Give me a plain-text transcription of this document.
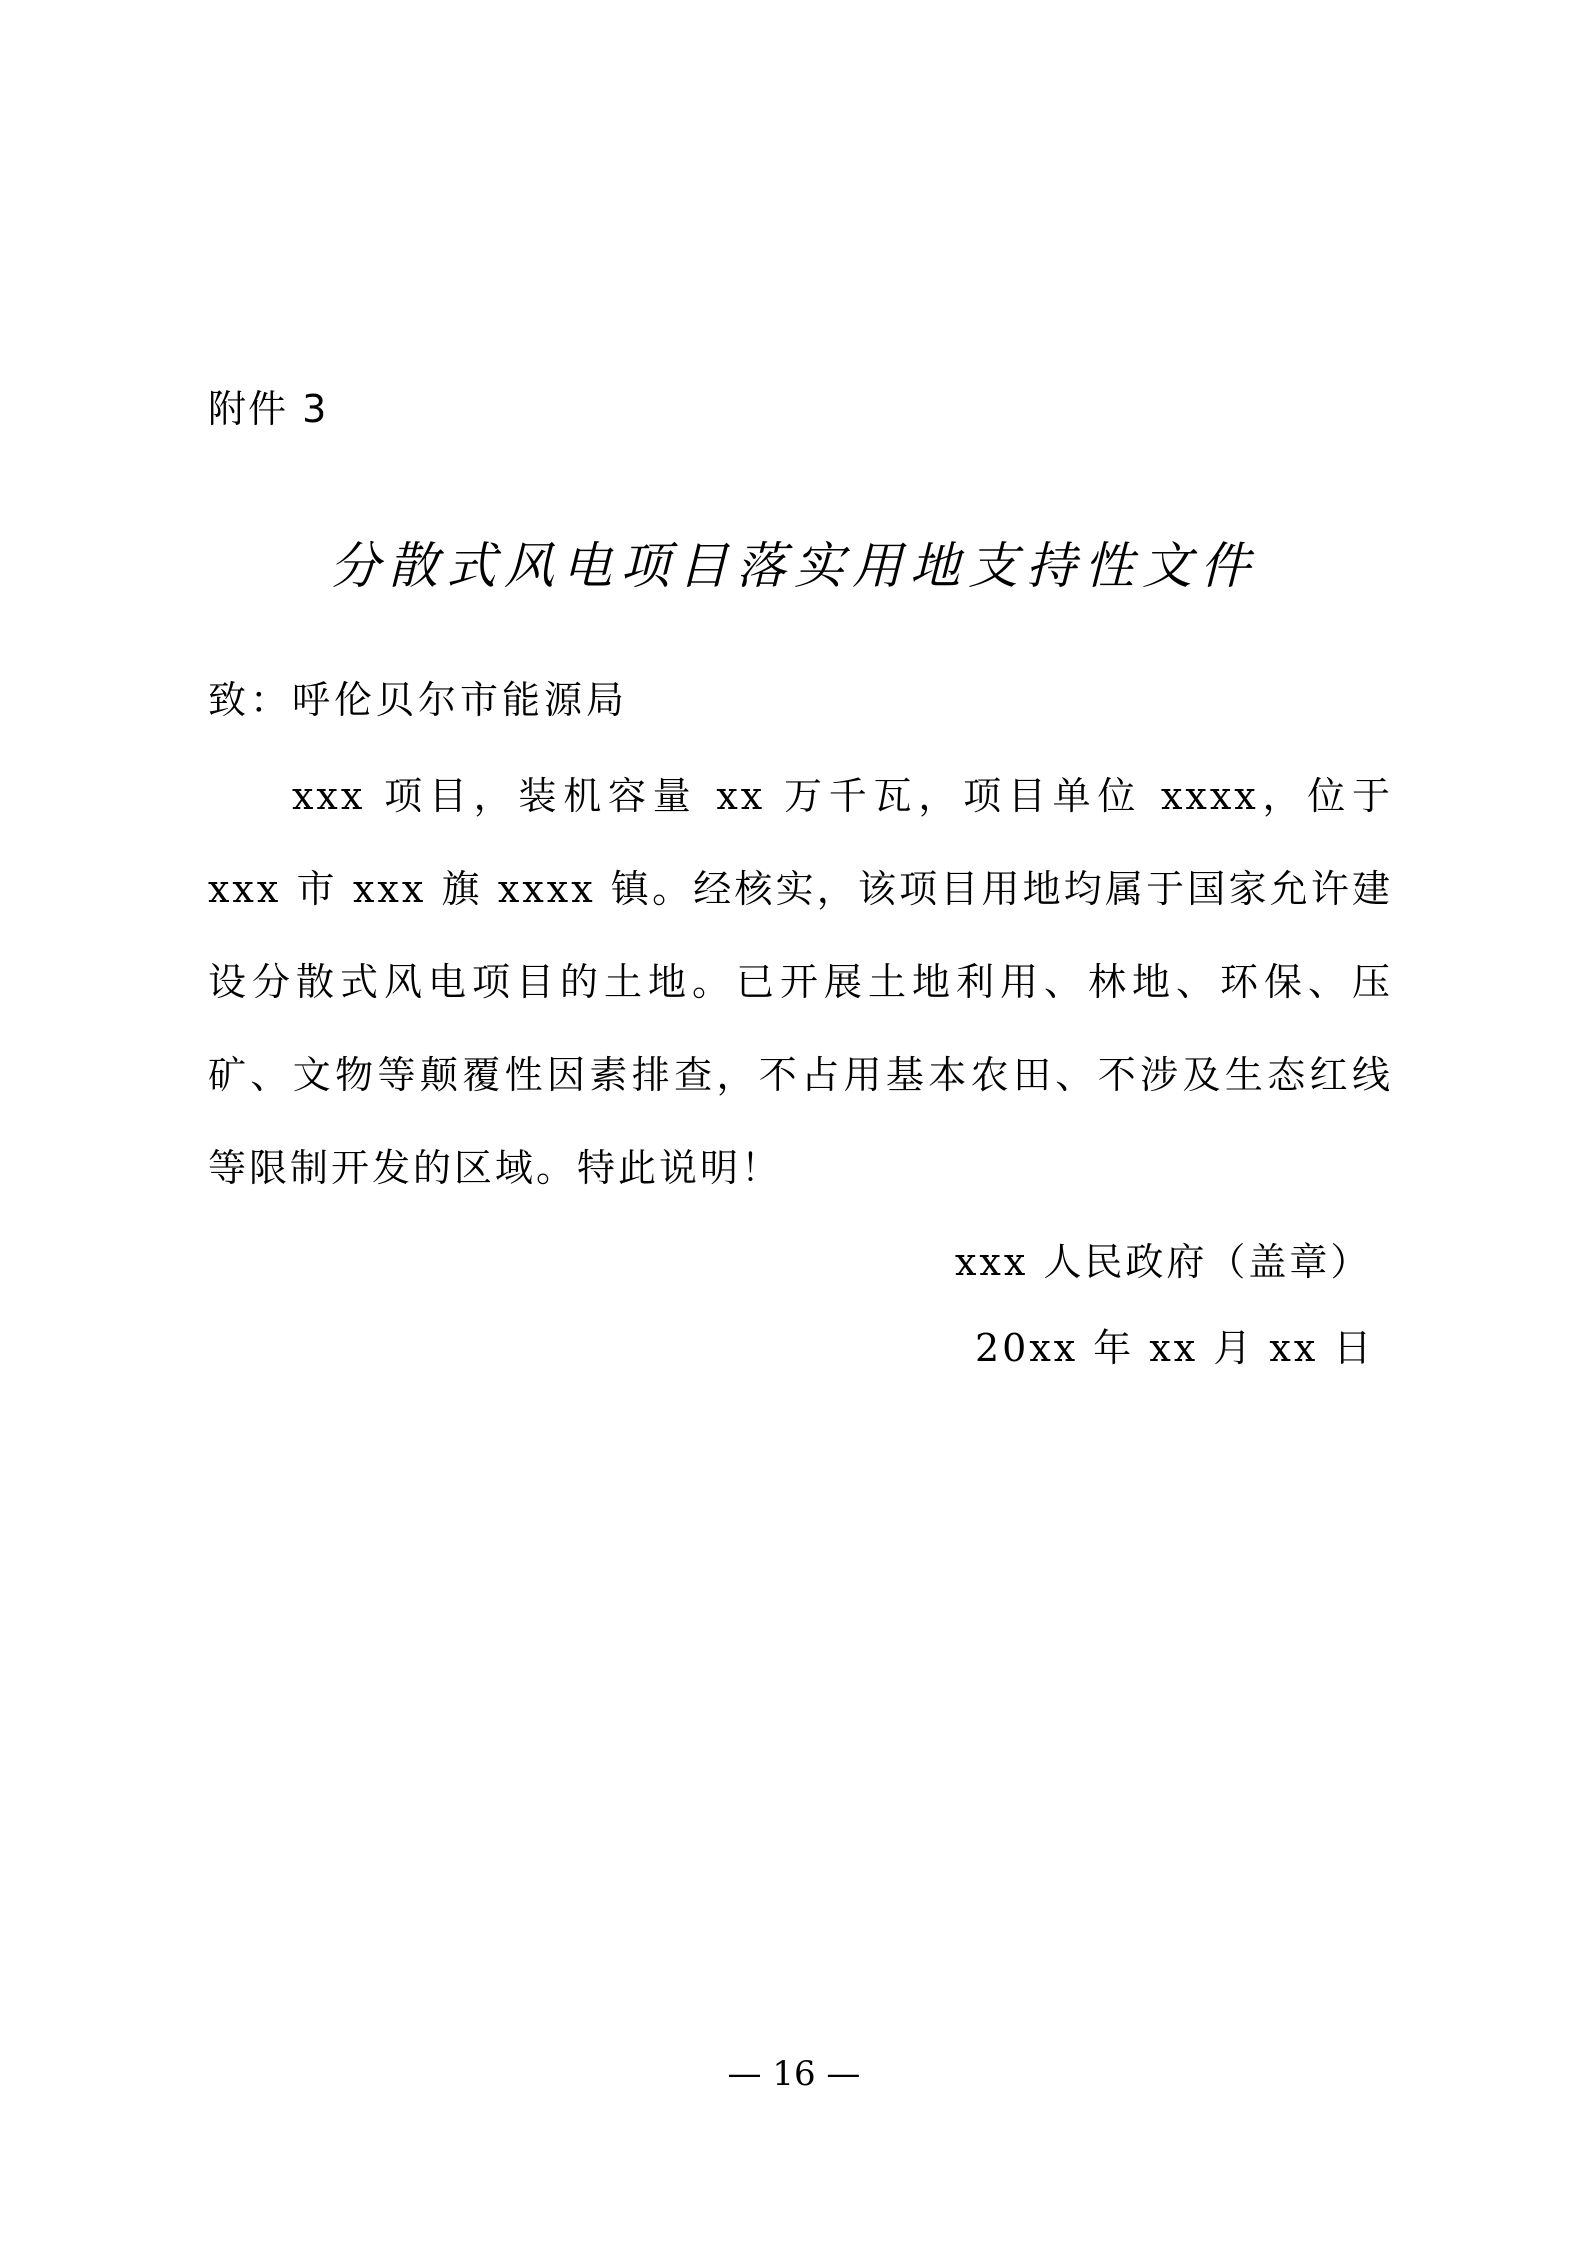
附件 3
分散式风电项目落实用地支持性文件
致：呼伦贝尔市能源局
xxx 项目，装机容量 xx 万千瓦，项目单位 xxxx，位于 xxx 市 xxx 旗 xxxx 镇。经核实，该项目用地均属于国家允许建设分散式风电项目的土地。已开展土地利用、林地、环保、压矿、文物等颠覆性因素排查，不占用基本农田、不涉及生态红线等限制开发的区域。特此说明！
xxx 人民政府（盖章）
20xx 年 xx 月 xx 日
— 16 —
